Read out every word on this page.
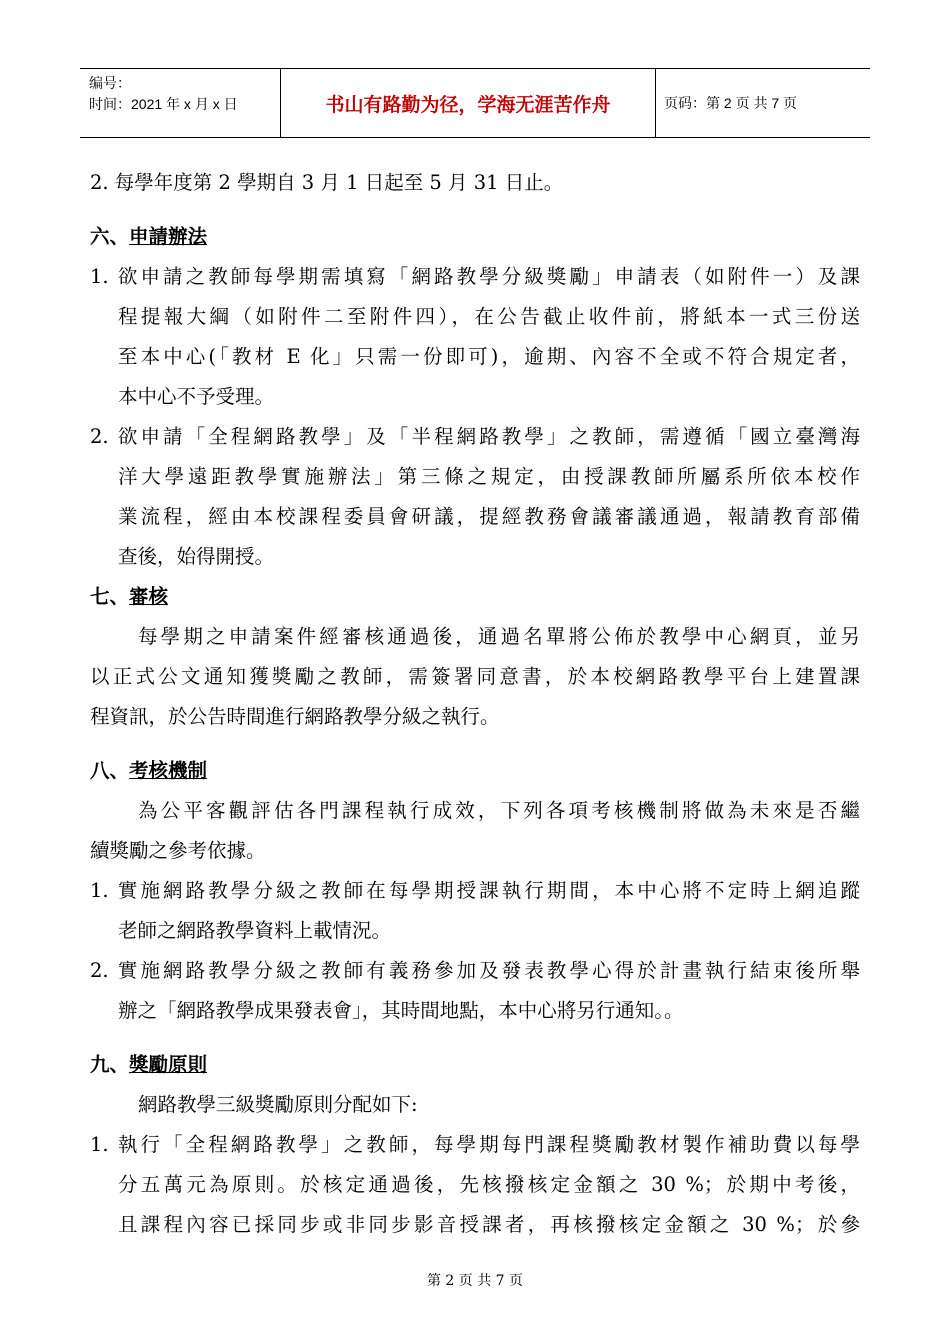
编号：
时间：2021 年 x 月 x 日	书山有路勤为径，学海无涯苦作舟	页码：第 2 页 共 7 页
2. 每學年度第 2 學期自 3 月 1 日起至 5 月 31 日止。
六、申請辦法
1. 欲申請之教師每學期需填寫「網路教學分級獎勵」申請表（如附件一）及課
程提報大綱（如附件二至附件四），在公告截止收件前，將紙本一式三份送
至本中心(「教材 E 化」只需一份即可)，逾期、內容不全或不符合規定者，
本中心不予受理。
2. 欲申請「全程網路教學」及「半程網路教學」之教師，需遵循「國立臺灣海
洋大學遠距教學實施辦法」第三條之規定，由授課教師所屬系所依本校作
業流程，經由本校課程委員會研議，提經教務會議審議通過，報請教育部備
查後，始得開授。
七、審核
每學期之申請案件經審核通過後，通過名單將公佈於教學中心網頁，並另
以正式公文通知獲獎勵之教師，需簽署同意書，於本校網路教學平台上建置課
程資訊，於公告時間進行網路教學分級之執行。
八、考核機制
為公平客觀評估各門課程執行成效，下列各項考核機制將做為未來是否繼
續獎勵之參考依據。
1. 實施網路教學分級之教師在每學期授課執行期間，本中心將不定時上網追蹤
老師之網路教學資料上載情況。
2. 實施網路教學分級之教師有義務參加及發表教學心得於計畫執行結束後所舉
辦之「網路教學成果發表會」，其時間地點，本中心將另行通知。。
九、獎勵原則
網路教學三級獎勵原則分配如下:
1. 執行「全程網路教學」之教師，每學期每門課程獎勵教材製作補助費以每學
分五萬元為原則。於核定通過後，先核撥核定金額之 30 %；於期中考後，
且課程內容已採同步或非同步影音授課者，再核撥核定金額之 30 %；於參
第 2 页 共 7 页
